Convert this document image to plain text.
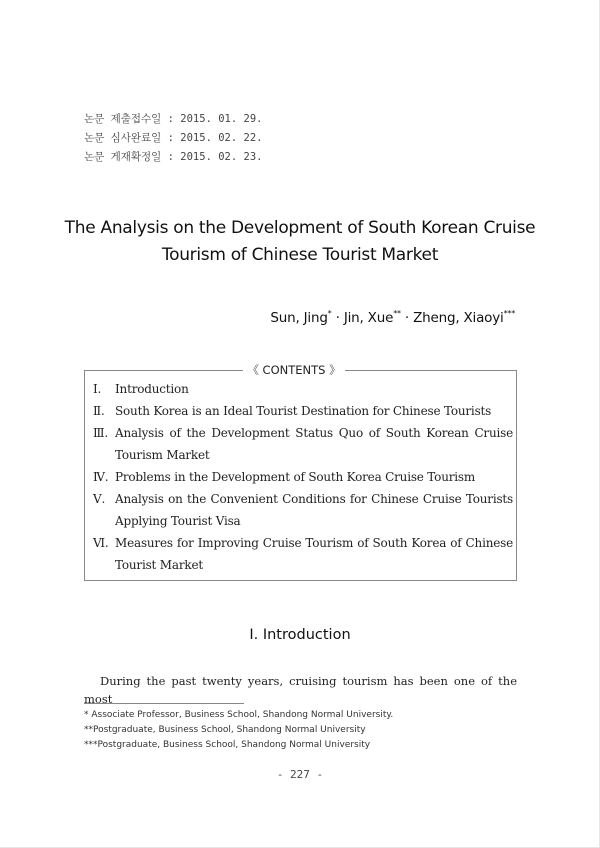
논문 제출접수일 : 2015. 01. 29.
논문 심사완료일 : 2015. 02. 22.
논문 게재확정일 : 2015. 02. 23.
The Analysis on the Development of South Korean Cruise
Tourism of Chinese Tourist Market
Sun, Jing* · Jin, Xue** · Zheng, Xiaoyi***
《 CONTENTS 》
Ⅰ.	Introduction
Ⅱ. South Korea is an Ideal Tourist Destination for Chinese Tourists
Ⅲ. Analysis of the Development Status Quo of South Korean Cruise Tourism Market
Ⅳ. Problems in the Development of South Korea Cruise Tourism
Ⅴ. Analysis on the Convenient Conditions for Chinese Cruise Tourists Applying Tourist Visa
Ⅵ. Measures for Improving Cruise Tourism of South Korea of Chinese Tourist Market
Ⅰ. Introduction
During the past twenty years, cruising tourism has been one of the most
* Associate Professor, Business School, Shandong Normal University.
**Postgraduate, Business School, Shandong Normal University
***Postgraduate, Business School, Shandong Normal University
- 227 -
